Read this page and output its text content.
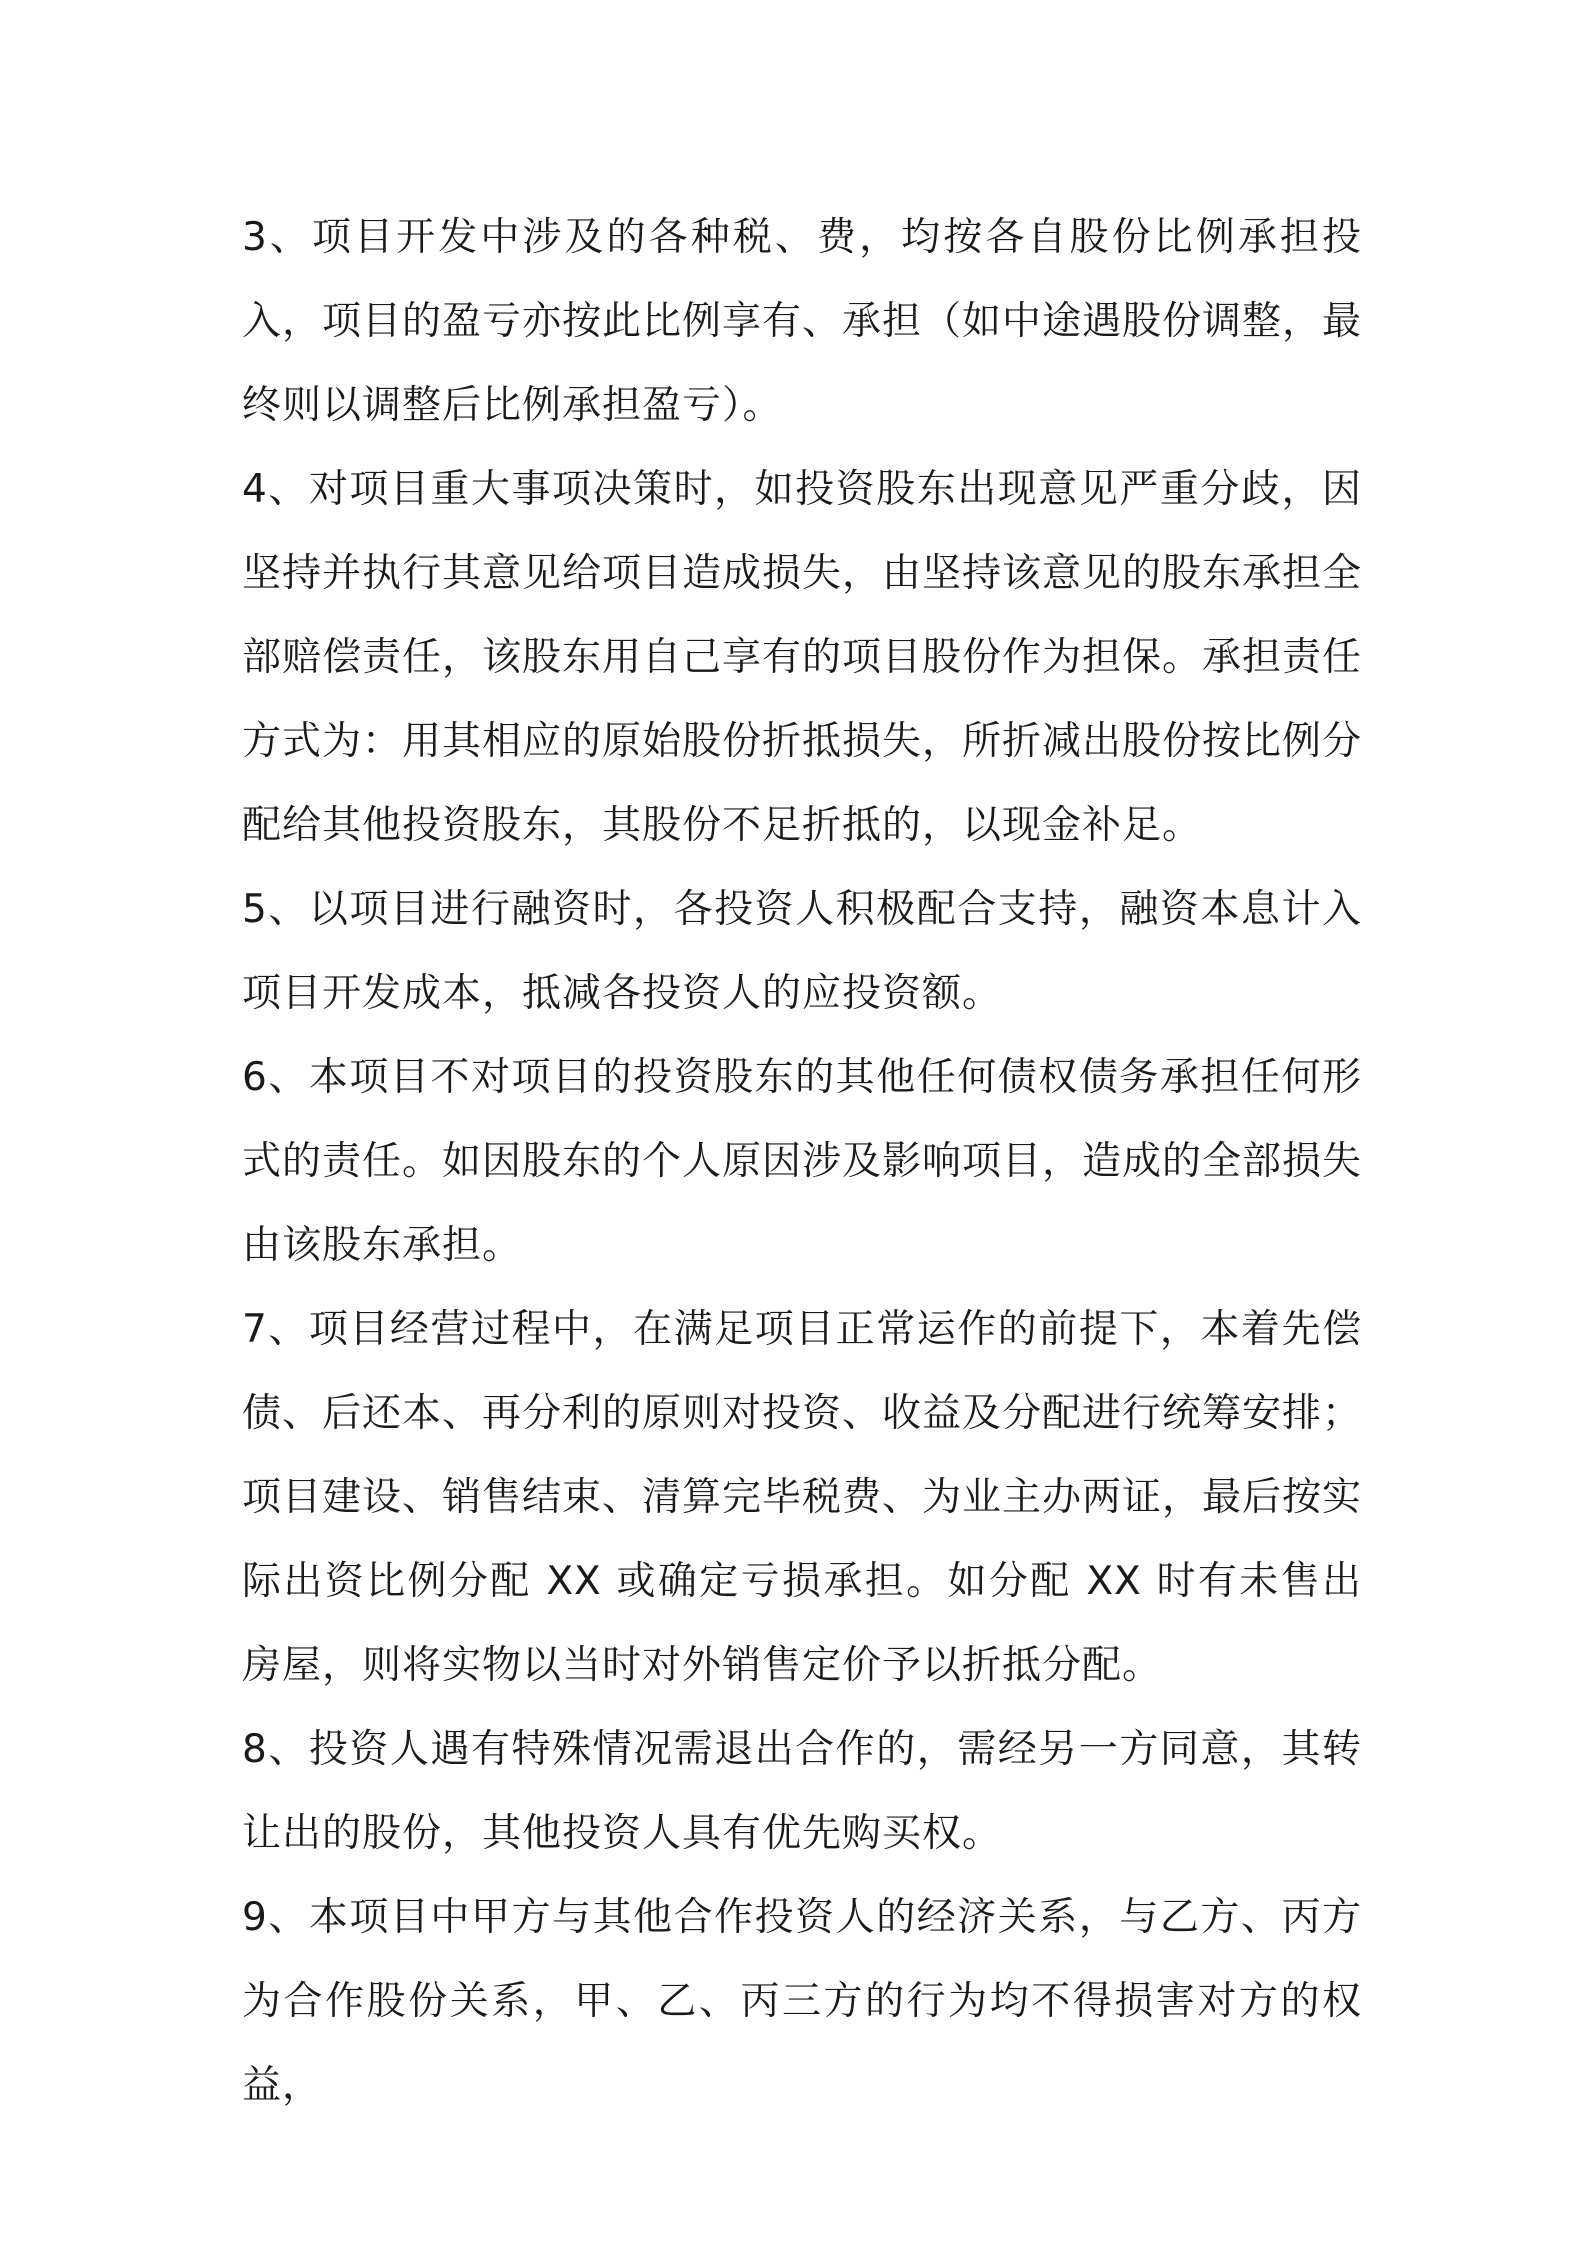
3、项目开发中涉及的各种税、费，均按各自股份比例承担投入，项目的盈亏亦按此比例享有、承担（如中途遇股份调整，最终则以调整后比例承担盈亏）。

4、对项目重大事项决策时，如投资股东出现意见严重分歧，因坚持并执行其意见给项目造成损失，由坚持该意见的股东承担全部赔偿责任，该股东用自己享有的项目股份作为担保。承担责任方式为：用其相应的原始股份折抵损失，所折减出股份按比例分配给其他投资股东，其股份不足折抵的，以现金补足。

5、以项目进行融资时，各投资人积极配合支持，融资本息计入项目开发成本，抵减各投资人的应投资额。

6、本项目不对项目的投资股东的其他任何债权债务承担任何形式的责任。如因股东的个人原因涉及影响项目，造成的全部损失由该股东承担。

7、项目经营过程中，在满足项目正常运作的前提下，本着先偿债、后还本、再分利的原则对投资、收益及分配进行统筹安排；项目建设、销售结束、清算完毕税费、为业主办两证，最后按实际出资比例分配 XX 或确定亏损承担。如分配 XX 时有未售出房屋，则将实物以当时对外销售定价予以折抵分配。

8、投资人遇有特殊情况需退出合作的，需经另一方同意，其转让出的股份，其他投资人具有优先购买权。

9、本项目中甲方与其他合作投资人的经济关系，与乙方、丙方为合作股份关系，甲、乙、丙三方的行为均不得损害对方的权益，
